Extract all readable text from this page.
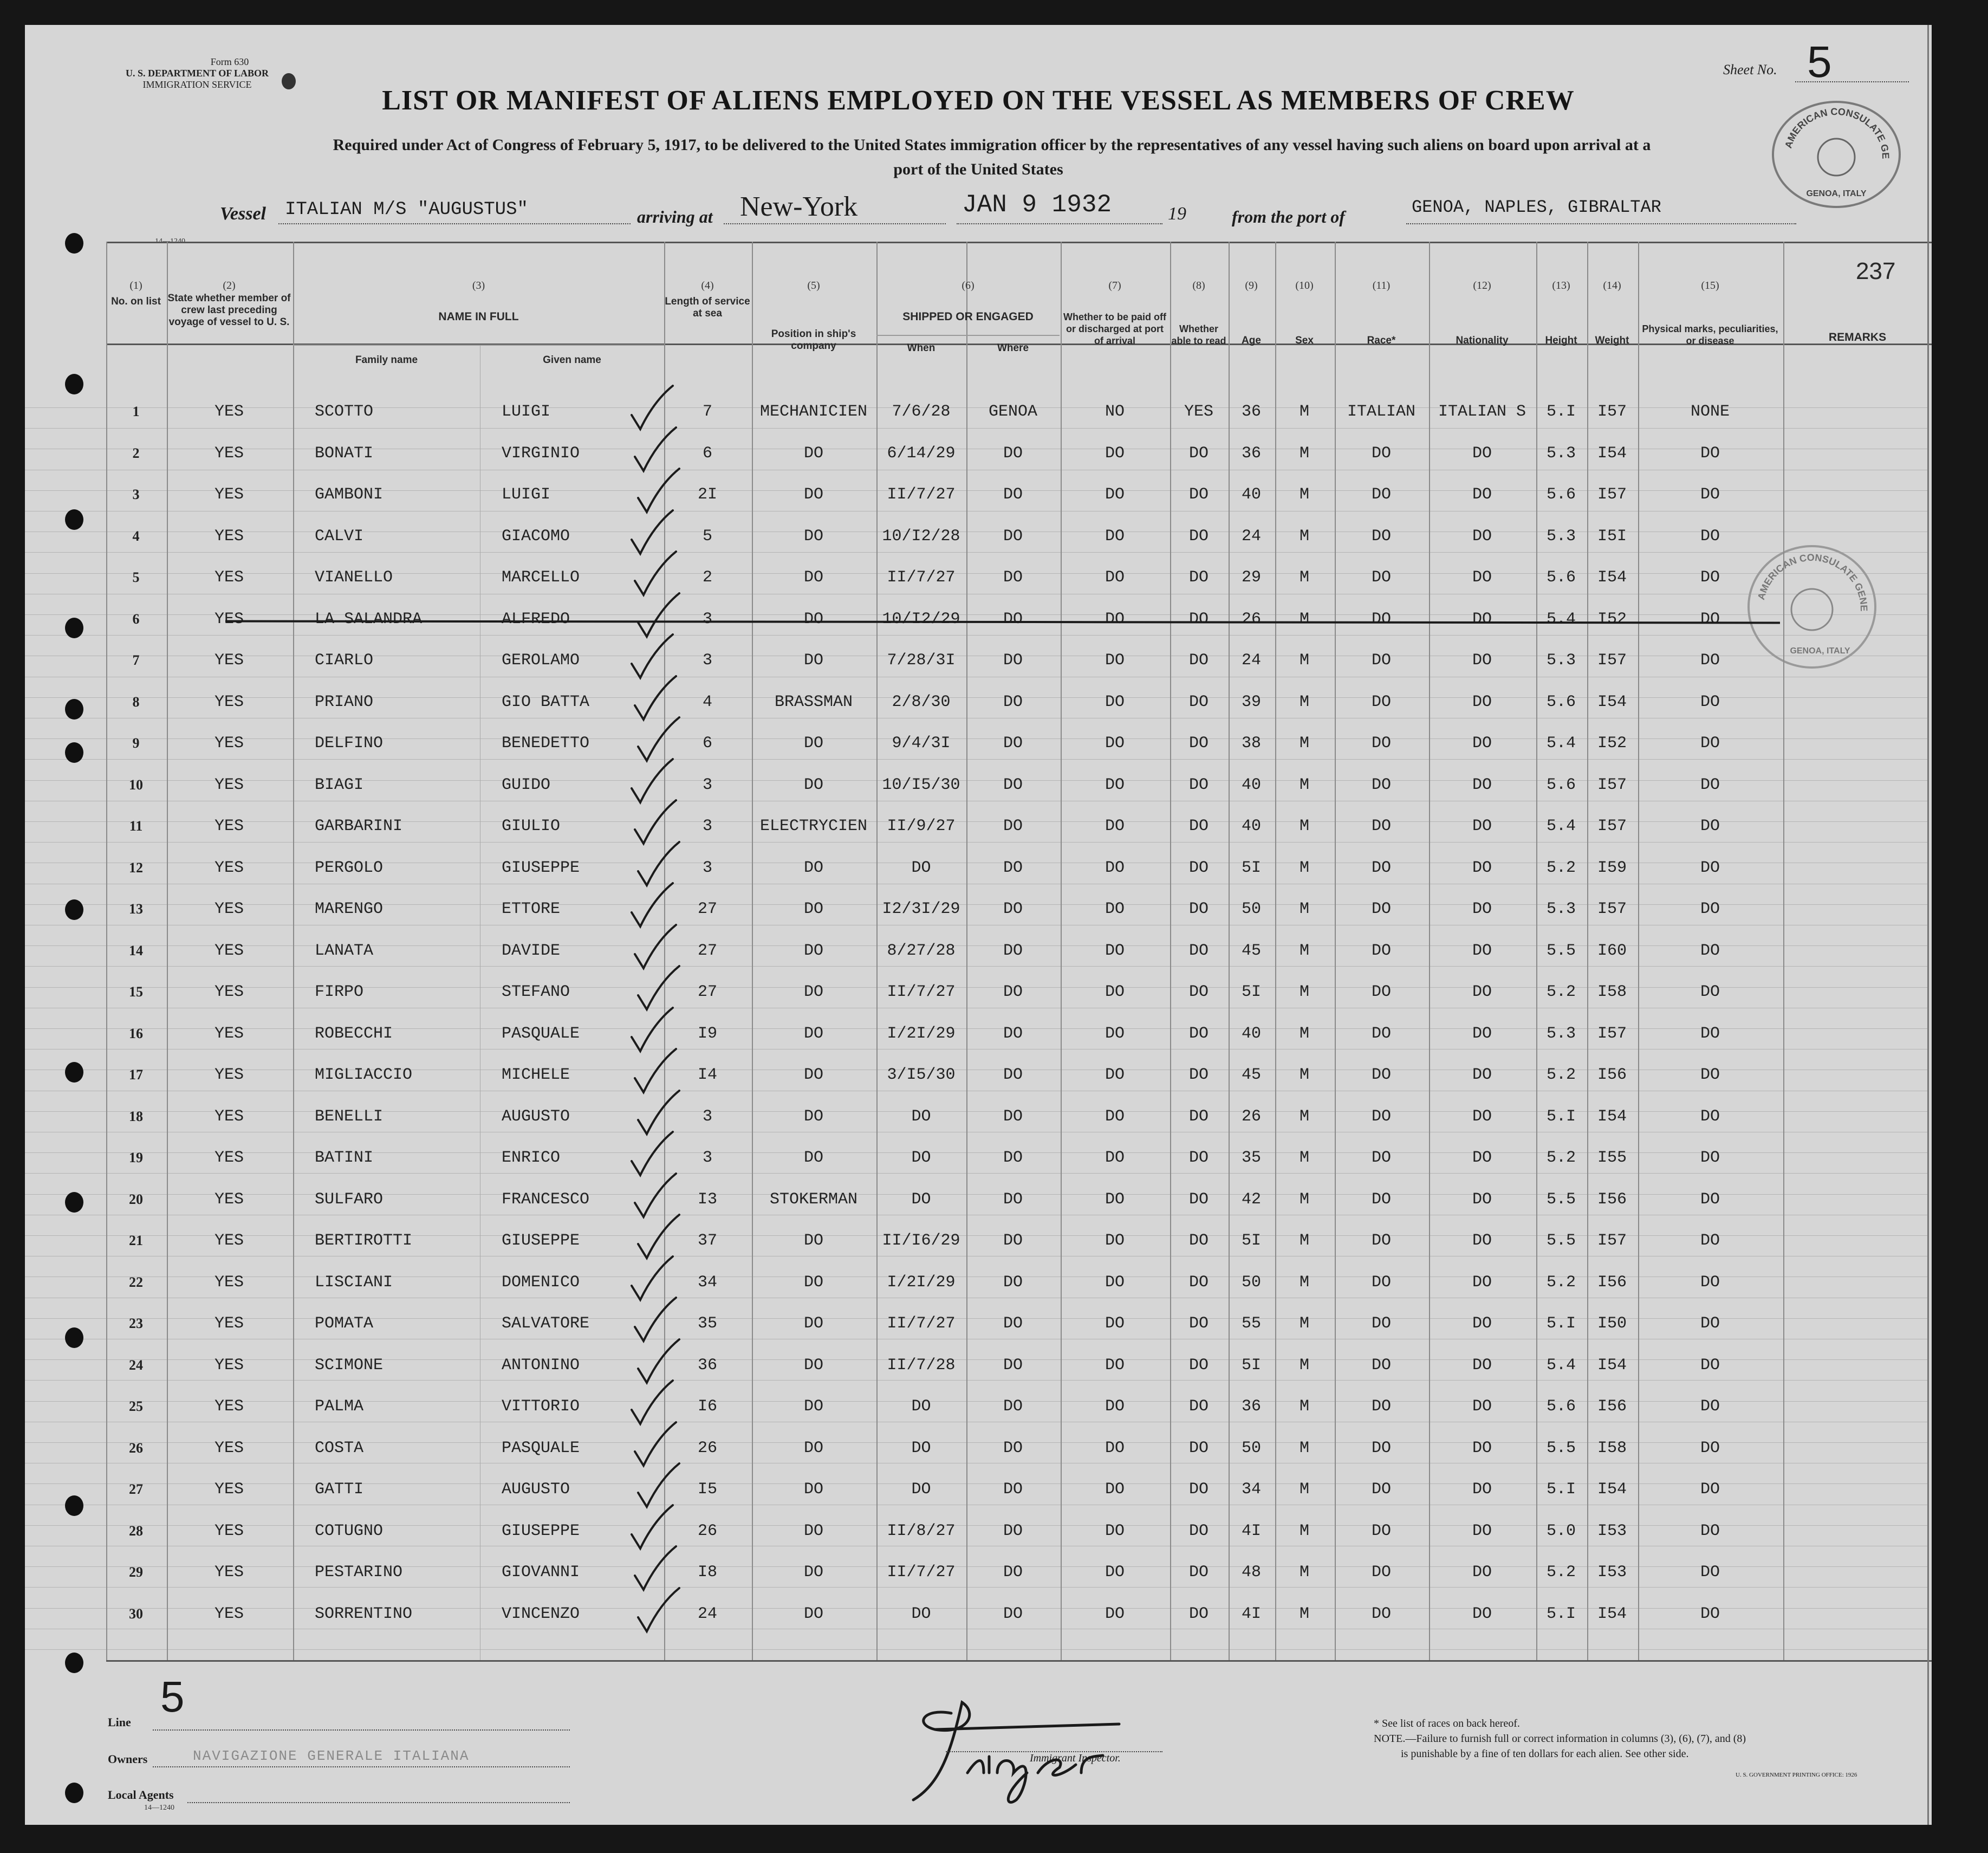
Form 630
U. S. DEPARTMENT OF LABOR
IMMIGRATION SERVICE
14—1240
Sheet No. 5
LIST OR MANIFEST OF ALIENS EMPLOYED ON THE VESSEL AS MEMBERS OF CREW
Required under Act of Congress of February 5, 1917, to be delivered to the United States immigration officer by the representatives of any vessel having such aliens on board upon arrival at a
port of the United States
Vessel ITALIAN M/S "AUGUSTUS"	arriving at New-York	JAN 9 1932	19	from the port of	GENOA, NAPLES, GIBRALTAR
AMERICAN CONSULATE GE
GENOA, ITALY
AMERICAN CONSULATE GENE
GENOA, ITALY
237
(1)	(2)	(3)	(4)	(5)	(6)	(7)	(8)	(9)	(10)	(11)	(12)	(13)	(14)	(15)
No. on list State whether member of crew last preceding voyage of vessel to U. S.	NAME IN FULL
Family name	Given name
Length of service at sea
Position in ship's company
SHIPPED OR ENGAGED
When	Where
Whether to be paid off or discharged at port of arrival
Whether able to read	Age	Sex	Race*	Nationality	Height	Weight
Physical marks, peculiarities, or disease	REMARKS
1	YES	SCOTTO	LUIGI	7	MECHANICIEN	7/6/28	GENOA	NO	YES	36	M	ITALIAN	ITALIAN S	5.I	I57	NONE
2	YES	BONATI	VIRGINIO	6	DO	6/14/29	DO	DO	DO	36	M	DO	DO	5.3	I54	DO
3	YES	GAMBONI	LUIGI	2I	DO	II/7/27	DO	DO	DO	40	M	DO	DO	5.6	I57	DO
4	YES	CALVI	GIACOMO	5	DO	10/I2/28	DO	DO	DO	24	M	DO	DO	5.3	I5I	DO
5	YES	VIANELLO	MARCELLO	2	DO	II/7/27	DO	DO	DO	29	M	DO	DO	5.6	I54	DO
6	YES	LA SALANDRA	ALFREDO	3	DO	10/I2/29	DO	DO	DO	26	M	DO	DO	5.4	I52	DO
7	YES	CIARLO	GEROLAMO	3	DO	7/28/3I	DO	DO	DO	24	M	DO	DO	5.3	I57	DO
8	YES	PRIANO	GIO BATTA	4	BRASSMAN	2/8/30	DO	DO	DO	39	M	DO	DO	5.6	I54	DO
9	YES	DELFINO	BENEDETTO	6	DO	9/4/3I	DO	DO	DO	38	M	DO	DO	5.4	I52	DO
10	YES	BIAGI	GUIDO	3	DO	10/I5/30	DO	DO	DO	40	M	DO	DO	5.6	I57	DO
11	YES	GARBARINI	GIULIO	3	ELECTRYCIEN	II/9/27	DO	DO	DO	40	M	DO	DO	5.4	I57	DO
12	YES	PERGOLO	GIUSEPPE	3	DO	DO	DO	DO	DO	5I	M	DO	DO	5.2	I59	DO
13	YES	MARENGO	ETTORE	27	DO	I2/3I/29	DO	DO	DO	50	M	DO	DO	5.3	I57	DO
14	YES	LANATA	DAVIDE	27	DO	8/27/28	DO	DO	DO	45	M	DO	DO	5.5	I60	DO
15	YES	FIRPO	STEFANO	27	DO	II/7/27	DO	DO	DO	5I	M	DO	DO	5.2	I58	DO
16	YES	ROBECCHI	PASQUALE	I9	DO	I/2I/29	DO	DO	DO	40	M	DO	DO	5.3	I57	DO
17	YES	MIGLIACCIO	MICHELE	I4	DO	3/I5/30	DO	DO	DO	45	M	DO	DO	5.2	I56	DO
18	YES	BENELLI	AUGUSTO	3	DO	DO	DO	DO	DO	26	M	DO	DO	5.I	I54	DO
19	YES	BATINI	ENRICO	3	DO	DO	DO	DO	DO	35	M	DO	DO	5.2	I55	DO
20	YES	SULFARO	FRANCESCO	I3	STOKERMAN	DO	DO	DO	DO	42	M	DO	DO	5.5	I56	DO
21	YES	BERTIROTTI	GIUSEPPE	37	DO	II/I6/29	DO	DO	DO	5I	M	DO	DO	5.5	I57	DO
22	YES	LISCIANI	DOMENICO	34	DO	I/2I/29	DO	DO	DO	50	M	DO	DO	5.2	I56	DO
23	YES	POMATA	SALVATORE	35	DO	II/7/27	DO	DO	DO	55	M	DO	DO	5.I	I50	DO
24	YES	SCIMONE	ANTONINO	36	DO	II/7/28	DO	DO	DO	5I	M	DO	DO	5.4	I54	DO
25	YES	PALMA	VITTORIO	I6	DO	DO	DO	DO	DO	36	M	DO	DO	5.6	I56	DO
26	YES	COSTA	PASQUALE	26	DO	DO	DO	DO	DO	50	M	DO	DO	5.5	I58	DO
27	YES	GATTI	AUGUSTO	I5	DO	DO	DO	DO	DO	34	M	DO	DO	5.I	I54	DO
28	YES	COTUGNO	GIUSEPPE	26	DO	II/8/27	DO	DO	DO	4I	M	DO	DO	5.0	I53	DO
29	YES	PESTARINO	GIOVANNI	I8	DO	II/7/27	DO	DO	DO	48	M	DO	DO	5.2	I53	DO
30	YES	SORRENTINO	VINCENZO	24	DO	DO	DO	DO	DO	4I	M	DO	DO	5.I	I54	DO
Line
5
Owners	NAVIGAZIONE GENERALE ITALIANA
Local Agents
14—1240
Immigrant Inspector.
* See list of races on back hereof.
NOTE.—Failure to furnish full or correct information in columns (3), (6), (7), and (8)
is punishable by a fine of ten dollars for each alien. See other side.
U. S. GOVERNMENT PRINTING OFFICE: 1926
